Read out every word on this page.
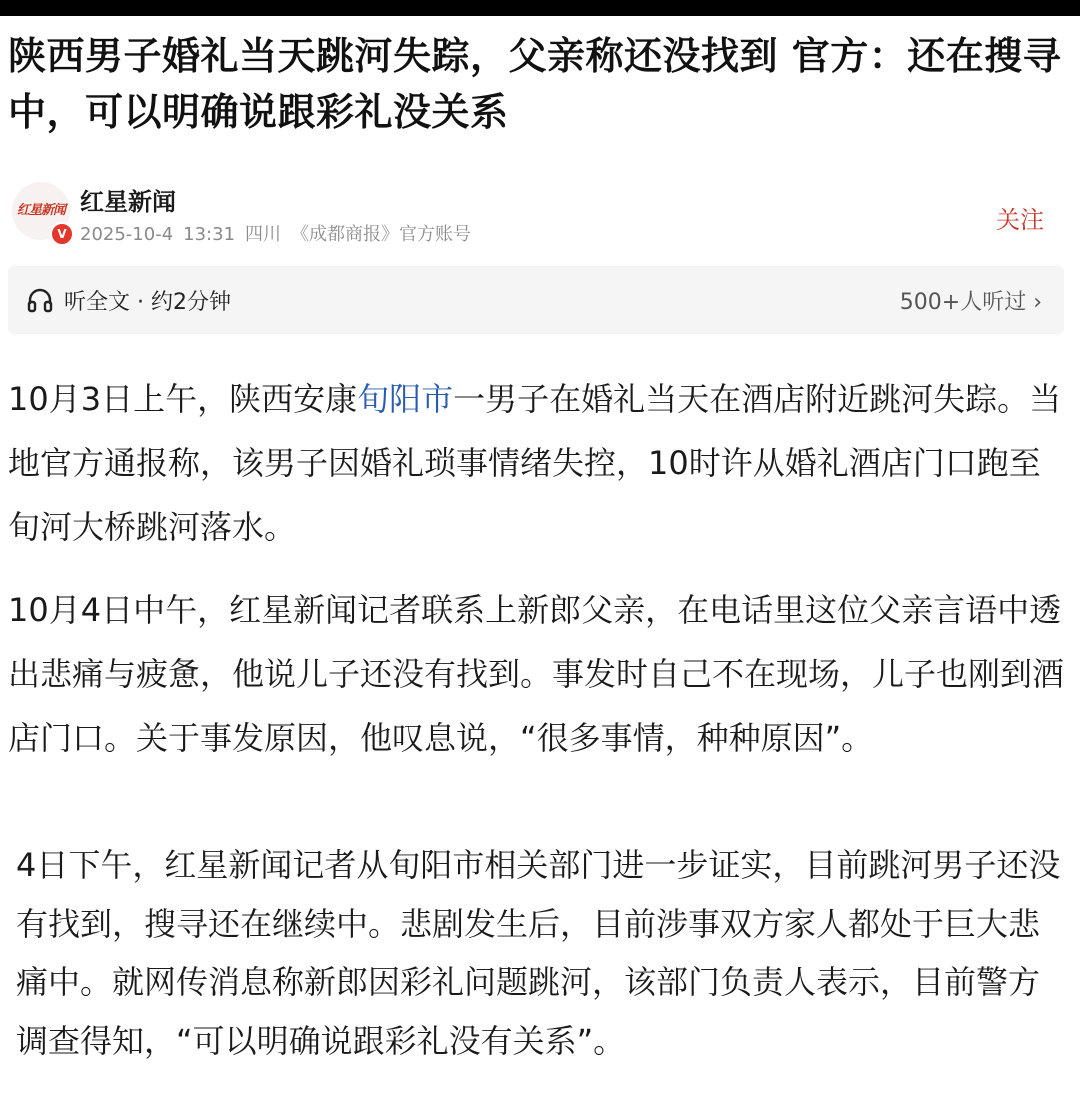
陕西男子婚礼当天跳河失踪，父亲称还没找到 官方：还在搜寻中，可以明确说跟彩礼没关系
红星新闻
V
红星新闻
2025-10-4 13:31 四川 《成都商报》官方账号
关注
听全文 · 约2分钟	500+人听过 ›

10月3日上午，陕西安康旬阳市一男子在婚礼当天在酒店附近跳河失踪。当地官方通报称，该男子因婚礼琐事情绪失控，10时许从婚礼酒店门口跑至旬河大桥跳河落水。

10月4日中午，红星新闻记者联系上新郎父亲，在电话里这位父亲言语中透出悲痛与疲惫，他说儿子还没有找到。事发时自己不在现场，儿子也刚到酒店门口。关于事发原因，他叹息说，“很多事情，种种原因”。

4日下午，红星新闻记者从旬阳市相关部门进一步证实，目前跳河男子还没有找到，搜寻还在继续中。悲剧发生后，目前涉事双方家人都处于巨大悲痛中。就网传消息称新郎因彩礼问题跳河，该部门负责人表示，目前警方调查得知，“可以明确说跟彩礼没有关系”。
